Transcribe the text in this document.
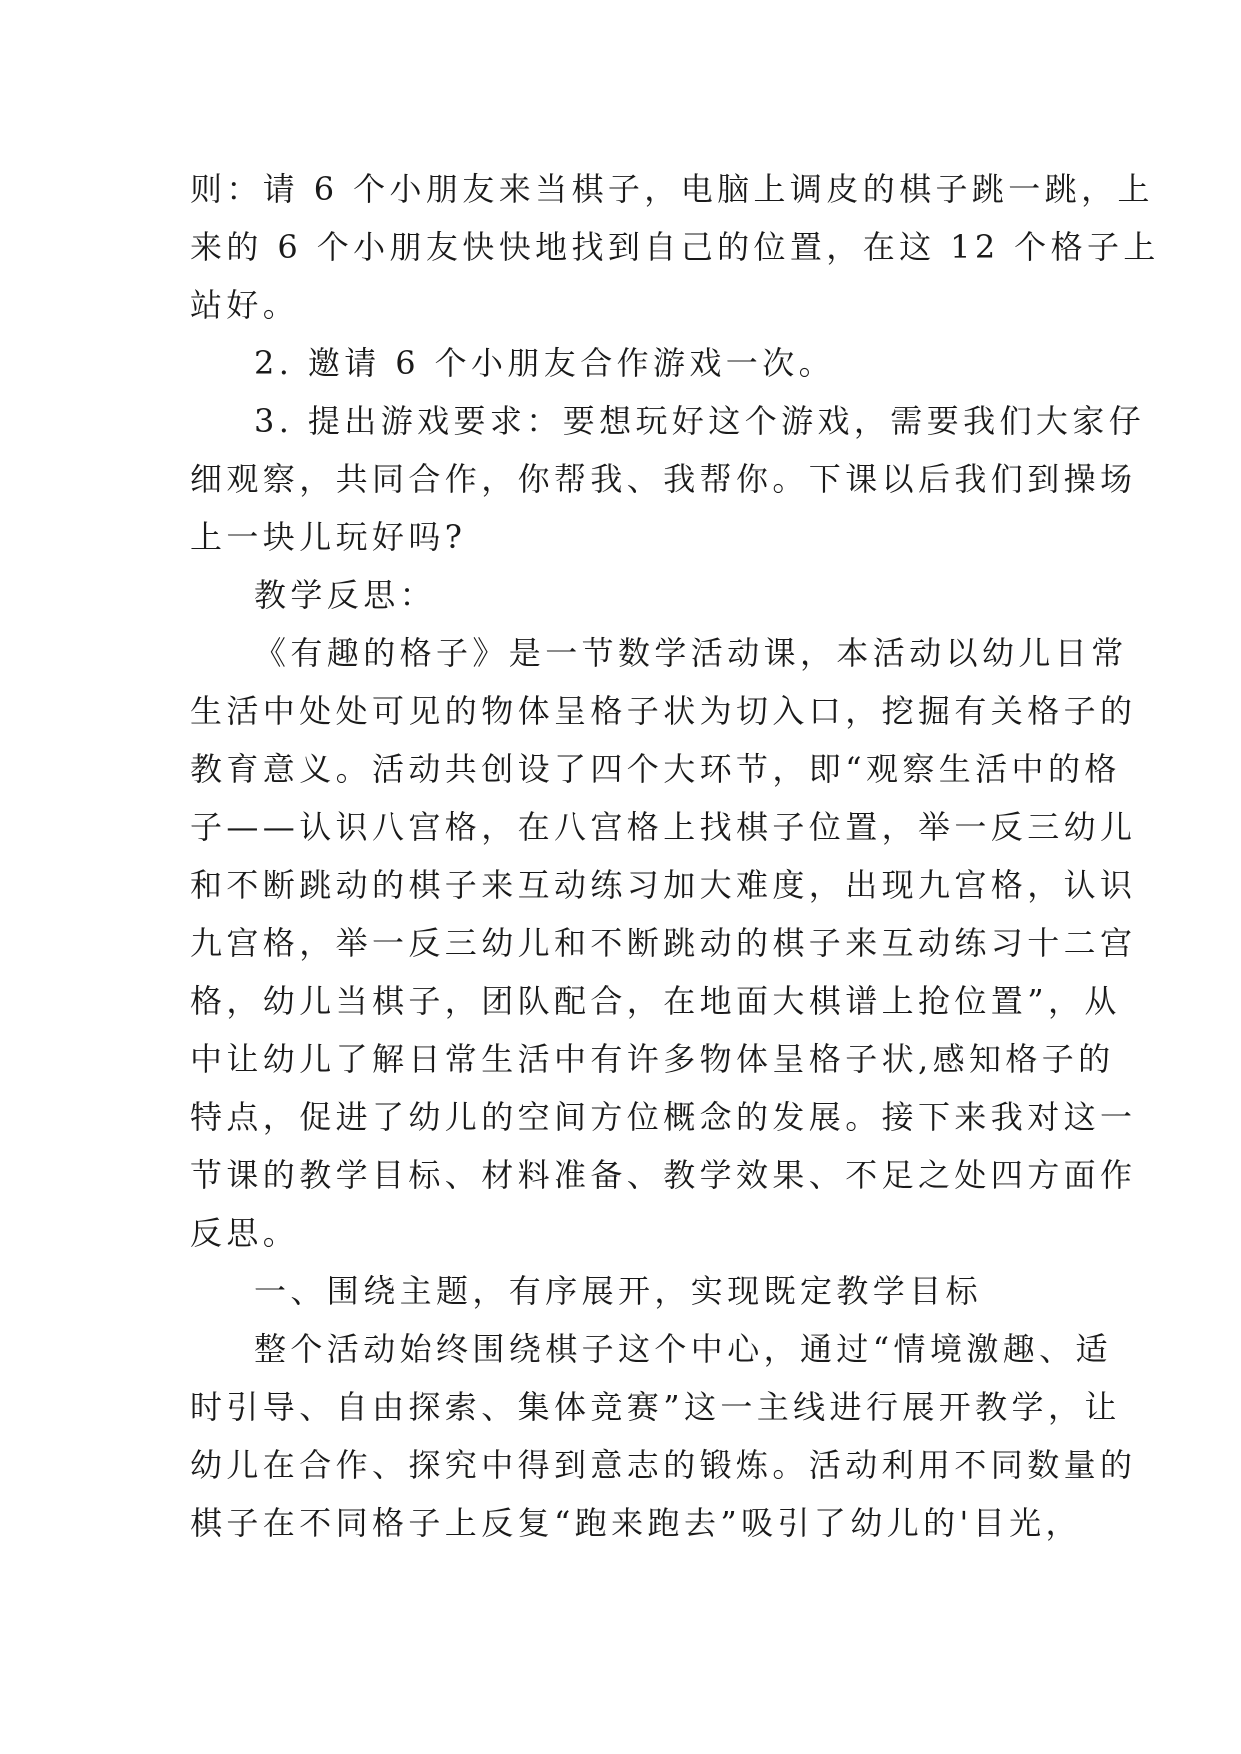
则：请 6 个小朋友来当棋子，电脑上调皮的棋子跳一跳，上
来的 6 个小朋友快快地找到自己的位置，在这 12 个格子上
站好。
2. 邀请 6 个小朋友合作游戏一次。
3. 提出游戏要求：要想玩好这个游戏，需要我们大家仔
细观察，共同合作，你帮我、我帮你。下课以后我们到操场
上一块儿玩好吗?
教学反思：
《有趣的格子》是一节数学活动课，本活动以幼儿日常
生活中处处可见的物体呈格子状为切入口，挖掘有关格子的
教育意义。活动共创设了四个大环节，即“观察生活中的格
子——认识八宫格，在八宫格上找棋子位置，举一反三幼儿
和不断跳动的棋子来互动练习加大难度，出现九宫格，认识
九宫格，举一反三幼儿和不断跳动的棋子来互动练习十二宫
格，幼儿当棋子，团队配合，在地面大棋谱上抢位置”，从
中让幼儿了解日常生活中有许多物体呈格子状,感知格子的
特点，促进了幼儿的空间方位概念的发展。接下来我对这一
节课的教学目标、材料准备、教学效果、不足之处四方面作
反思。
一、围绕主题，有序展开，实现既定教学目标
整个活动始终围绕棋子这个中心，通过“情境激趣、适
时引导、自由探索、集体竞赛”这一主线进行展开教学，让
幼儿在合作、探究中得到意志的锻炼。活动利用不同数量的
棋子在不同格子上反复“跑来跑去”吸引了幼儿的'目光，
